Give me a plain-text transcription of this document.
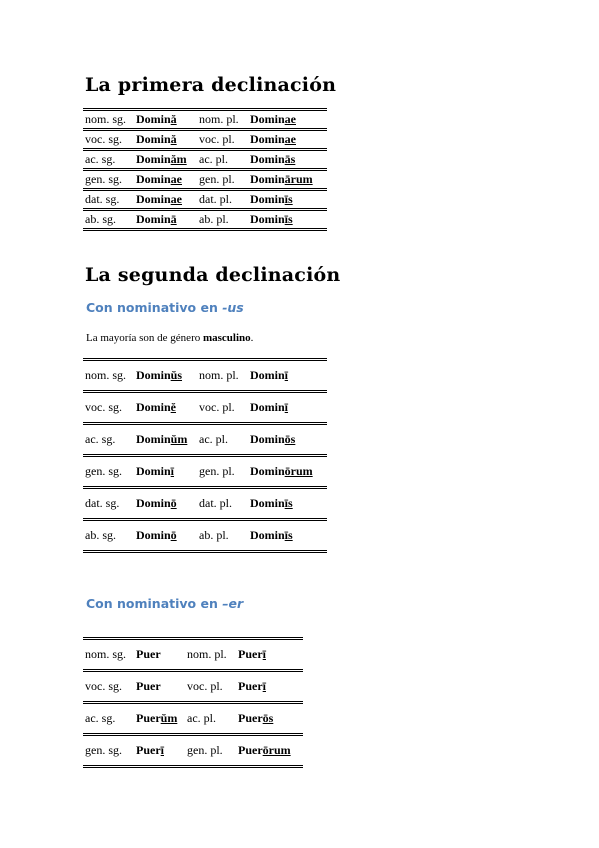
La primera declinación
nom. sg.	Domină	nom. pl.	Dominae
voc. sg.	Domină	voc. pl.	Dominae
ac. sg.	Dominăm	ac. pl.	Dominās
gen. sg.	Dominae	gen. pl.	Dominārum
dat. sg.	Dominae	dat. pl.	Dominīs
ab. sg.	Dominā	ab. pl.	Dominīs
La segunda declinación
Con nominativo en -us

La mayoría son de género masculino.

nom. sg.	Dominŭs	nom. pl.	Dominī
voc. sg.	Dominĕ	voc. pl.	Dominī
ac. sg.	Dominŭm	ac. pl.	Dominōs
gen. sg.	Dominī	gen. pl.	Dominōrum
dat. sg.	Dominō	dat. pl.	Dominīs
ab. sg.	Dominō	ab. pl.	Dominīs
Con nominativo en –er
nom. sg.	Puer	nom. pl.	Puerī
voc. sg.	Puer	voc. pl.	Puerī
ac. sg.	Puerŭm	ac. pl.	Puerōs
gen. sg.	Puerī	gen. pl.	Puerōrum
